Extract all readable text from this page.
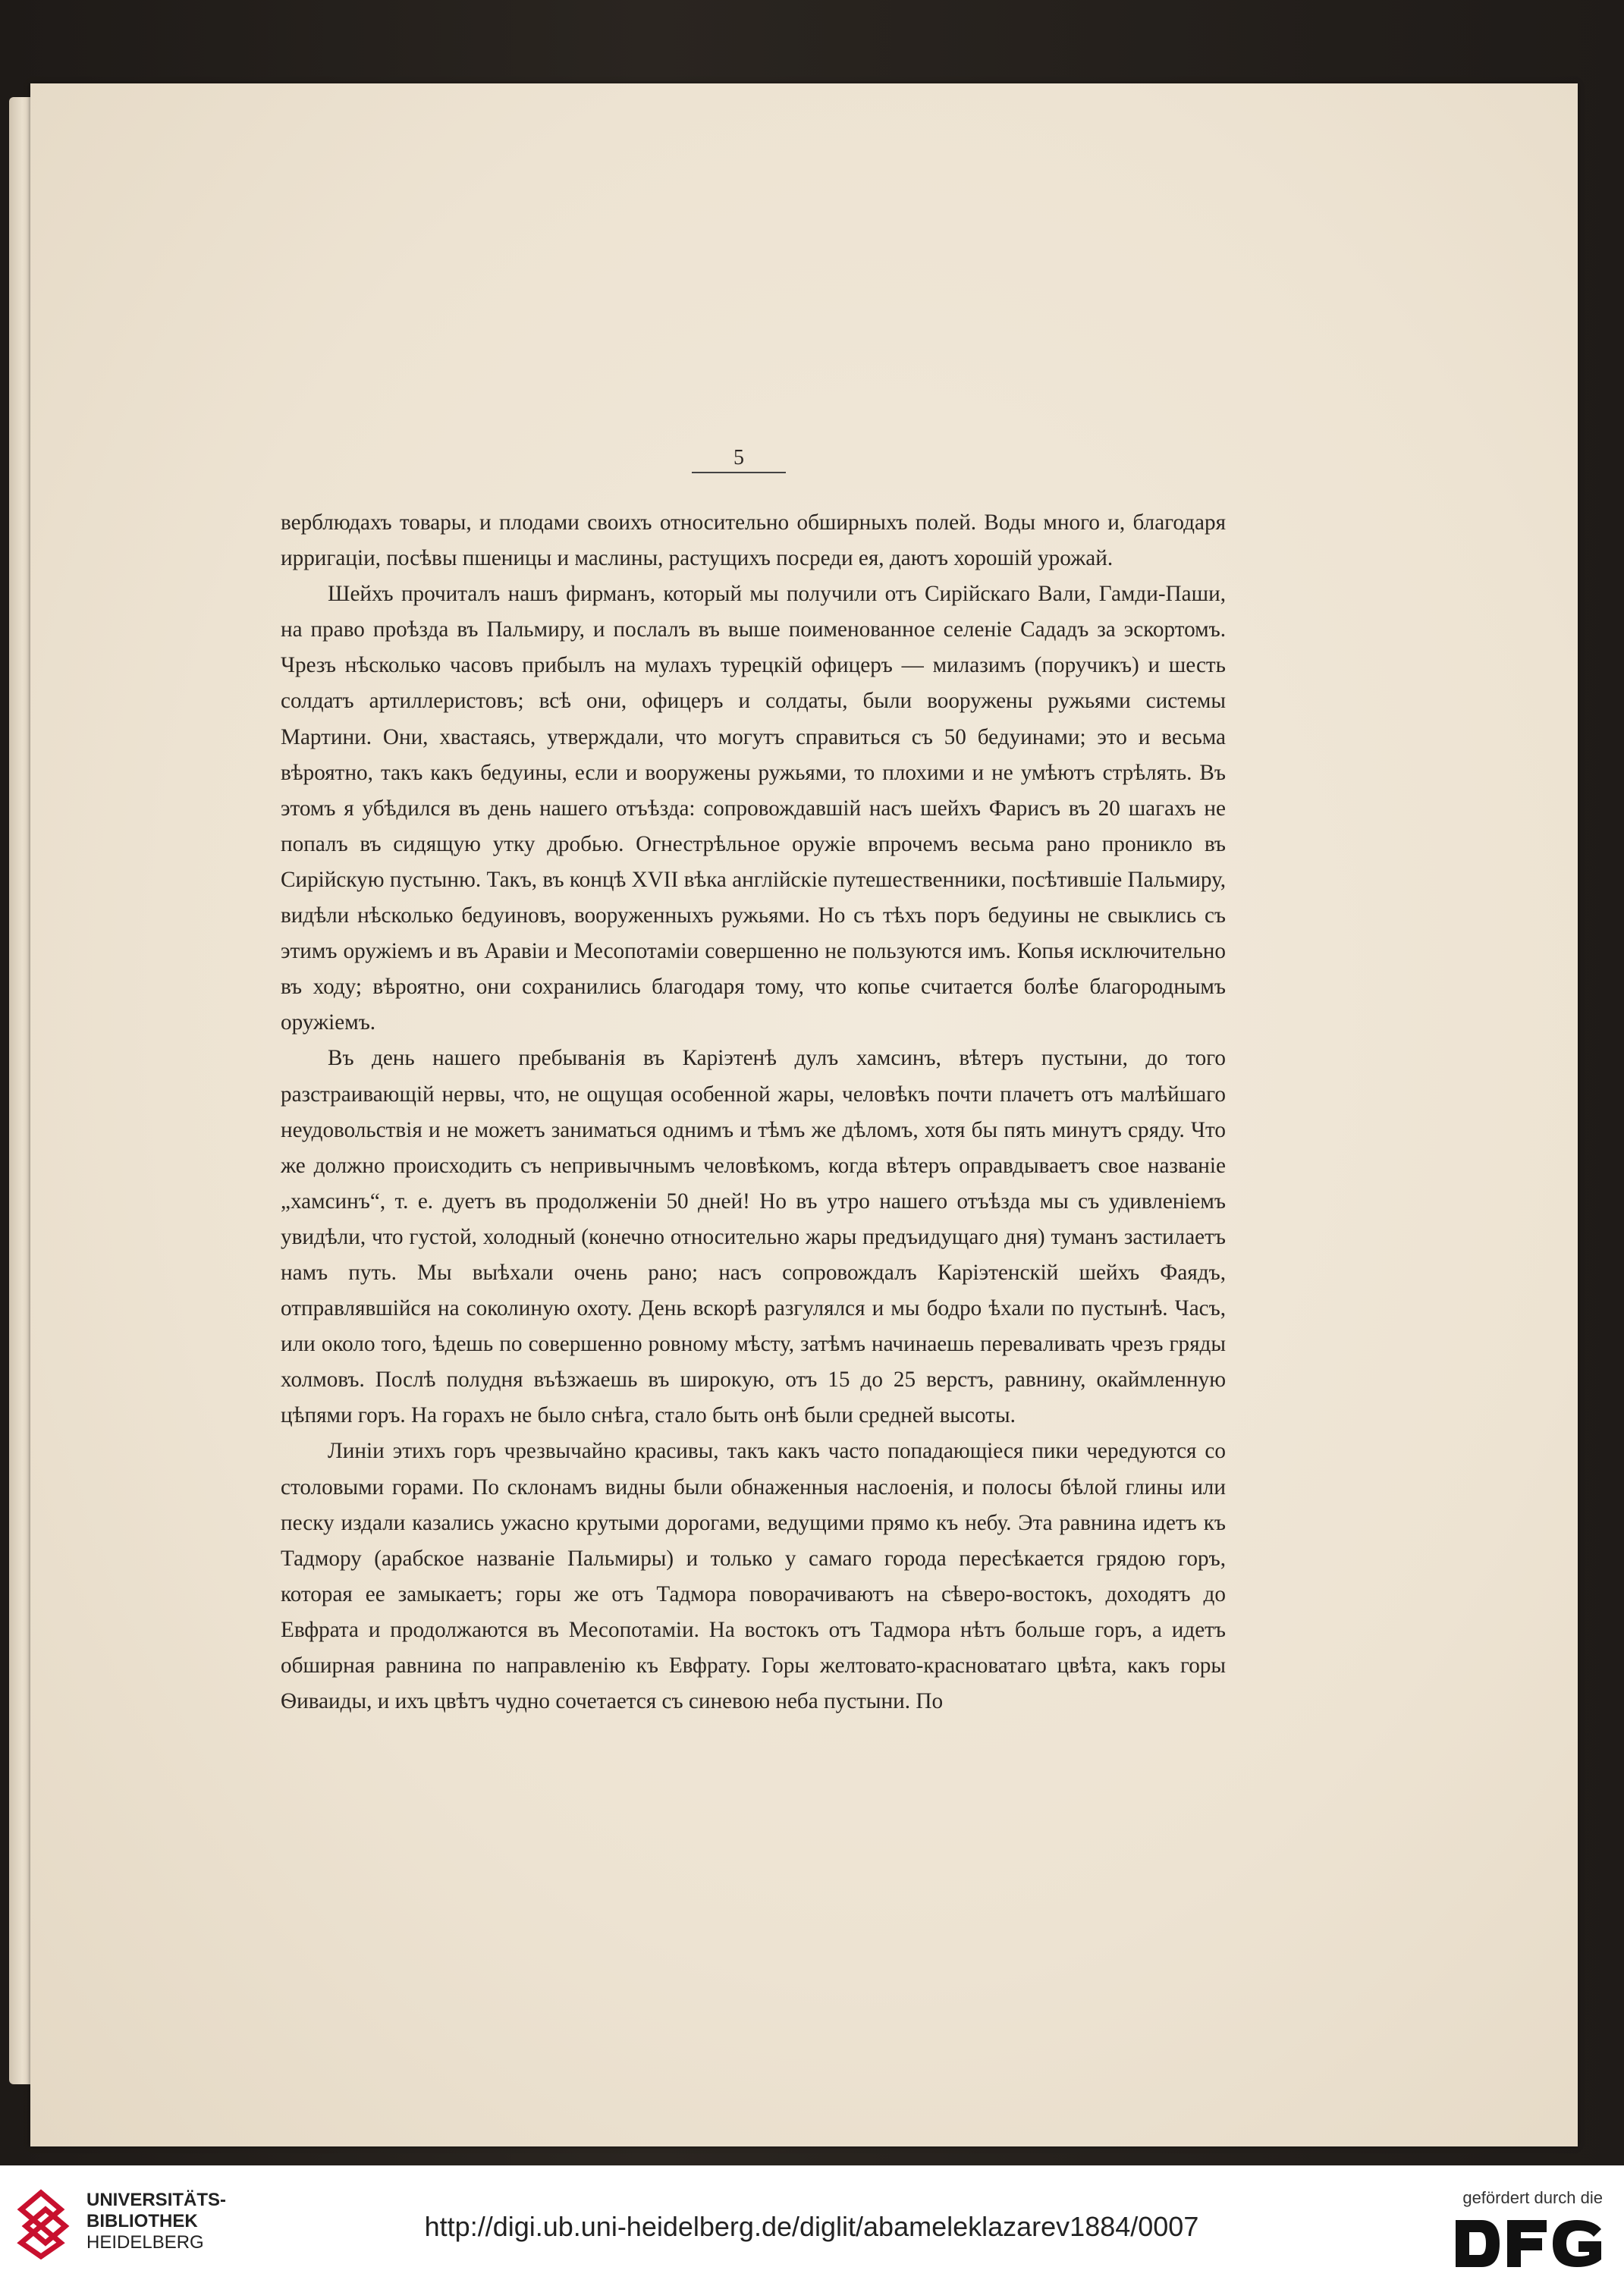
5

верблюдахъ товары, и плодами своихъ относительно обширныхъ полей. Воды много и, благодаря ирригаціи, посѣвы пшеницы и маслины, растущихъ посреди ея, даютъ хорошій урожай.

Шейхъ прочиталъ нашъ фирманъ, который мы получили отъ Сирійскаго Вали, Гамди-Паши, на право проѣзда въ Пальмиру, и послалъ въ выше поименованное селеніе Сададъ за эскортомъ. Чрезъ нѣсколько часовъ прибылъ на мулахъ турецкій офицеръ — милазимъ (поручикъ) и шесть солдатъ артиллеристовъ; всѣ они, офицеръ и солдаты, были вооружены ружьями системы Мартини. Они, хвастаясь, утверждали, что могутъ справиться съ 50 бедуинами; это и весьма вѣроятно, такъ какъ бедуины, если и вооружены ружьями, то плохими и не умѣютъ стрѣлять. Въ этомъ я убѣдился въ день нашего отъѣзда: сопровождавшій насъ шейхъ Фарисъ въ 20 шагахъ не попалъ въ сидящую утку дробью. Огнестрѣльное оружіе впрочемъ весьма рано проникло въ Сирійскую пустыню. Такъ, въ концѣ XVII вѣка англійскіе путешественники, посѣтившіе Пальмиру, видѣли нѣсколько бедуиновъ, вооруженныхъ ружьями. Но съ тѣхъ поръ бедуины не свыклись съ этимъ оружіемъ и въ Аравіи и Месопотаміи совершенно не пользуются имъ. Копья исключительно въ ходу; вѣроятно, они сохранились благодаря тому, что копье считается болѣе благороднымъ оружіемъ.

Въ день нашего пребыванія въ Каріэтенѣ дулъ хамсинъ, вѣтеръ пустыни, до того разстраивающій нервы, что, не ощущая особенной жары, человѣкъ почти плачетъ отъ малѣйшаго неудовольствія и не можетъ заниматься однимъ и тѣмъ же дѣломъ, хотя бы пять минутъ сряду. Что же должно происходить съ непривычнымъ человѣкомъ, когда вѣтеръ оправдываетъ свое названіе „хамсинъ“, т. е. дуетъ въ продолженіи 50 дней! Но въ утро нашего отъѣзда мы съ удивленіемъ увидѣли, что густой, холодный (конечно относительно жары предъидущаго дня) туманъ застилаетъ намъ путь. Мы выѣхали очень рано; насъ сопровождалъ Каріэтенскій шейхъ Фаядъ, отправлявшійся на соколиную охоту. День вскорѣ разгулялся и мы бодро ѣхали по пустынѣ. Часъ, или около того, ѣдешь по совершенно ровному мѣсту, затѣмъ начинаешь переваливать чрезъ гряды холмовъ. Послѣ полудня въѣзжаешь въ широкую, отъ 15 до 25 верстъ, равнину, окаймленную цѣпями горъ. На горахъ не было снѣга, стало быть онѣ были средней высоты.

Линіи этихъ горъ чрезвычайно красивы, такъ какъ часто попадающіеся пики чередуются со столовыми горами. По склонамъ видны были обнаженныя наслоенія, и полосы бѣлой глины или песку издали казались ужасно крутыми дорогами, ведущими прямо къ небу. Эта равнина идетъ къ Тадмору (арабское названіе Пальмиры) и только у самаго города пересѣкается грядою горъ, которая ее замыкаетъ; горы же отъ Тадмора поворачиваютъ на сѣверо-востокъ, доходятъ до Евфрата и продолжаются въ Месопотаміи. На востокъ отъ Тадмора нѣтъ больше горъ, а идетъ обширная равнина по направленію къ Евфрату. Горы желтовато-красноватаго цвѣта, какъ горы Ѳиваиды, и ихъ цвѣтъ чудно сочетается съ синевою неба пустыни. По

UNIVERSITÄTS-
BIBLIOTHEK
HEIDELBERG
http://digi.ub.uni-heidelberg.de/diglit/abameleklazarev1884/0007
gefördert durch die
